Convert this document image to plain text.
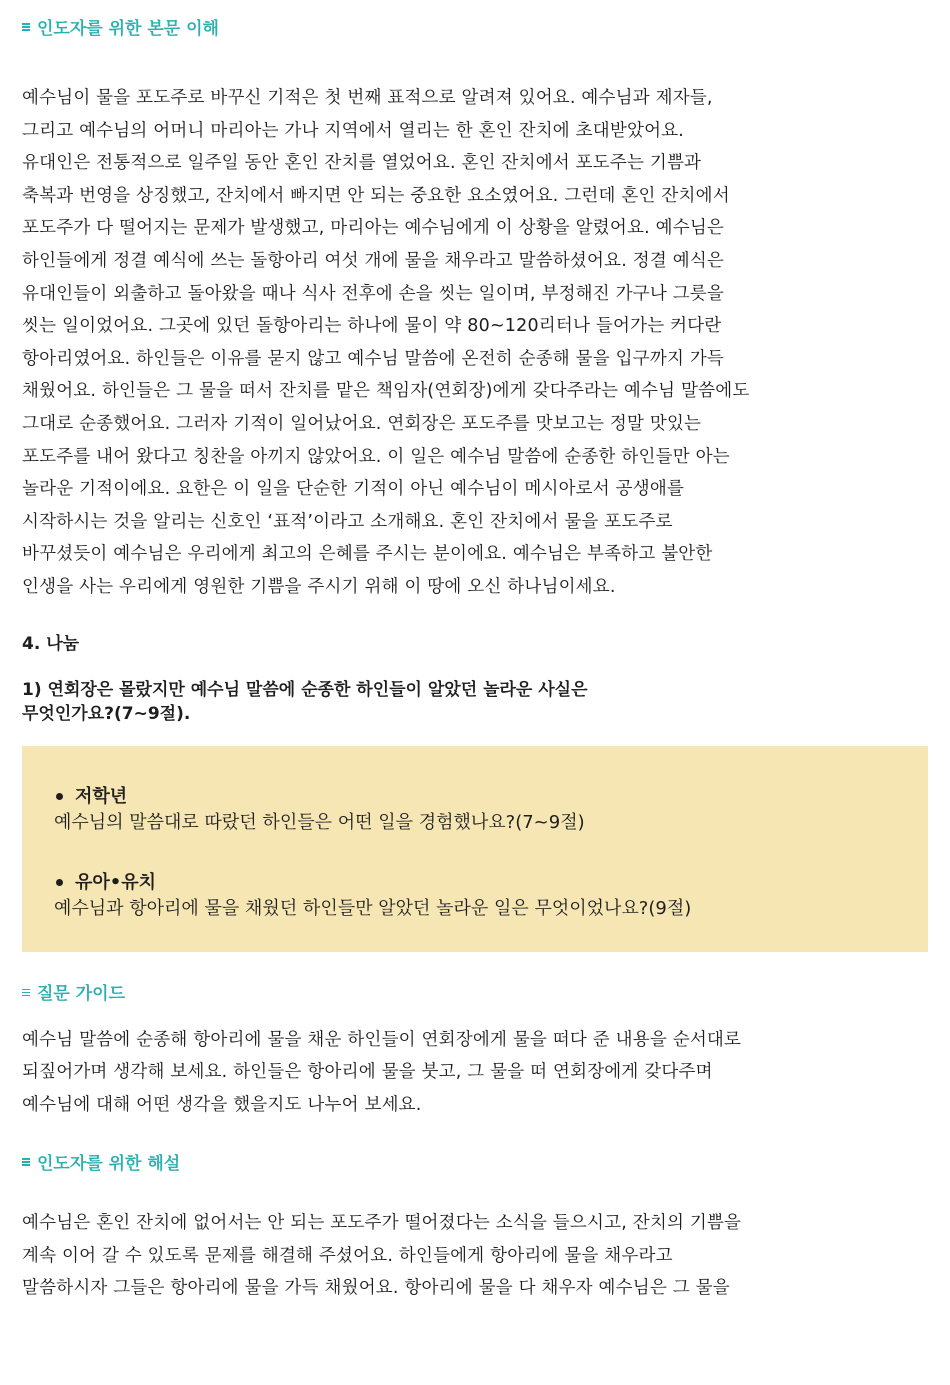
인도자를 위한 본문 이해

예수님이 물을 포도주로 바꾸신 기적은 첫 번째 표적으로 알려져 있어요. 예수님과 제자들,
그리고 예수님의 어머니 마리아는 가나 지역에서 열리는 한 혼인 잔치에 초대받았어요.
유대인은 전통적으로 일주일 동안 혼인 잔치를 열었어요. 혼인 잔치에서 포도주는 기쁨과
축복과 번영을 상징했고, 잔치에서 빠지면 안 되는 중요한 요소였어요. 그런데 혼인 잔치에서
포도주가 다 떨어지는 문제가 발생했고, 마리아는 예수님에게 이 상황을 알렸어요. 예수님은
하인들에게 정결 예식에 쓰는 돌항아리 여섯 개에 물을 채우라고 말씀하셨어요. 정결 예식은
유대인들이 외출하고 돌아왔을 때나 식사 전후에 손을 씻는 일이며, 부정해진 가구나 그릇을
씻는 일이었어요. 그곳에 있던 돌항아리는 하나에 물이 약 80~120리터나 들어가는 커다란
항아리였어요. 하인들은 이유를 묻지 않고 예수님 말씀에 온전히 순종해 물을 입구까지 가득
채웠어요. 하인들은 그 물을 떠서 잔치를 맡은 책임자(연회장)에게 갖다주라는 예수님 말씀에도
그대로 순종했어요. 그러자 기적이 일어났어요. 연회장은 포도주를 맛보고는 정말 맛있는
포도주를 내어 왔다고 칭찬을 아끼지 않았어요. 이 일은 예수님 말씀에 순종한 하인들만 아는
놀라운 기적이에요. 요한은 이 일을 단순한 기적이 아닌 예수님이 메시아로서 공생애를
시작하시는 것을 알리는 신호인 ‘표적’이라고 소개해요. 혼인 잔치에서 물을 포도주로
바꾸셨듯이 예수님은 우리에게 최고의 은혜를 주시는 분이에요. 예수님은 부족하고 불안한
인생을 사는 우리에게 영원한 기쁨을 주시기 위해 이 땅에 오신 하나님이세요.

4. 나눔

1) 연회장은 몰랐지만 예수님 말씀에 순종한 하인들이 알았던 놀라운 사실은
무엇인가요?(7~9절).

저학년

예수님의 말씀대로 따랐던 하인들은 어떤 일을 경험했나요?(7~9절)

유아•유치

예수님과 항아리에 물을 채웠던 하인들만 알았던 놀라운 일은 무엇이었나요?(9절)

질문 가이드

예수님 말씀에 순종해 항아리에 물을 채운 하인들이 연회장에게 물을 떠다 준 내용을 순서대로
되짚어가며 생각해 보세요. 하인들은 항아리에 물을 붓고, 그 물을 떠 연회장에게 갖다주며
예수님에 대해 어떤 생각을 했을지도 나누어 보세요.

인도자를 위한 해설

예수님은 혼인 잔치에 없어서는 안 되는 포도주가 떨어졌다는 소식을 들으시고, 잔치의 기쁨을
계속 이어 갈 수 있도록 문제를 해결해 주셨어요. 하인들에게 항아리에 물을 채우라고
말씀하시자 그들은 항아리에 물을 가득 채웠어요. 항아리에 물을 다 채우자 예수님은 그 물을
